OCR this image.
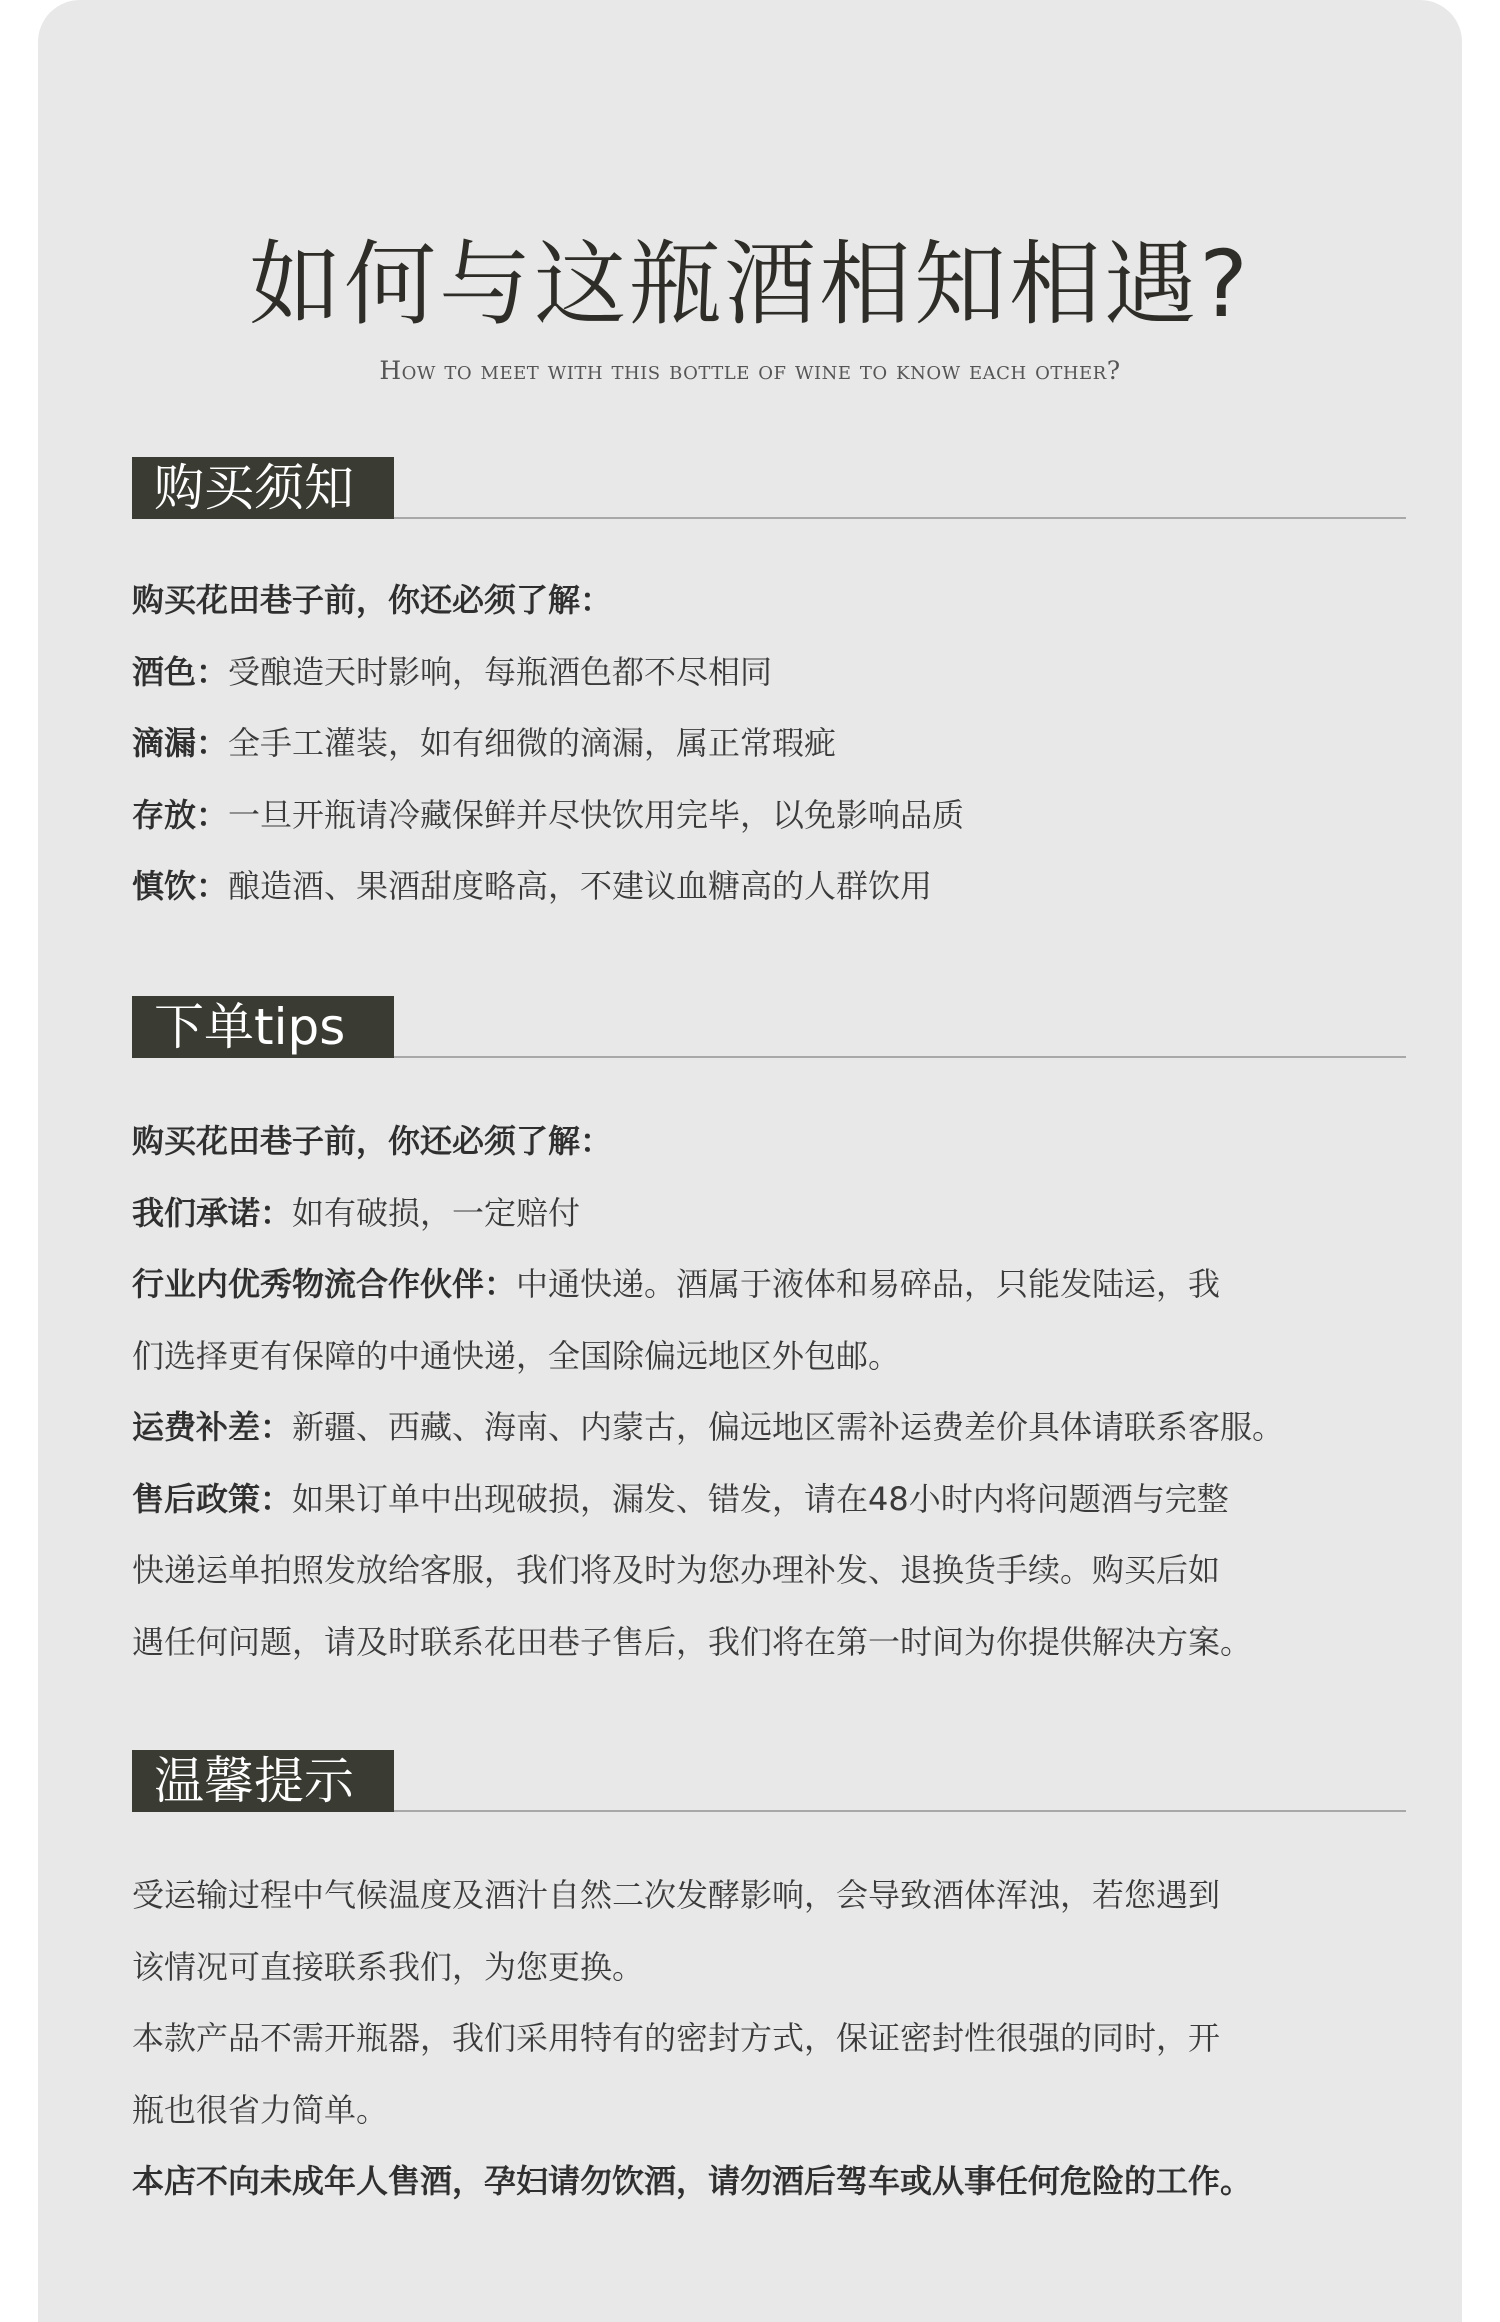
如何与这瓶酒相知相遇?
How to meet with this bottle of wine to know each other?
购买须知

购买花田巷子前，你还必须了解：

酒色：受酿造天时影响，每瓶酒色都不尽相同

滴漏：全手工灌装，如有细微的滴漏，属正常瑕疵

存放：一旦开瓶请冷藏保鲜并尽快饮用完毕，以免影响品质

慎饮：酿造酒、果酒甜度略高，不建议血糖高的人群饮用

下单tips

购买花田巷子前，你还必须了解：

我们承诺：如有破损，一定赔付

行业内优秀物流合作伙伴：中通快递。酒属于液体和易碎品，只能发陆运，我

们选择更有保障的中通快递，全国除偏远地区外包邮。

运费补差：新疆、西藏、海南、内蒙古，偏远地区需补运费差价具体请联系客服。

售后政策：如果订单中出现破损，漏发、错发，请在48小时内将问题酒与完整

快递运单拍照发放给客服，我们将及时为您办理补发、退换货手续。购买后如

遇任何问题，请及时联系花田巷子售后，我们将在第一时间为你提供解决方案。

温馨提示

受运输过程中气候温度及酒汁自然二次发酵影响，会导致酒体浑浊，若您遇到

该情况可直接联系我们，为您更换。

本款产品不需开瓶器，我们采用特有的密封方式，保证密封性很强的同时，开

瓶也很省力简单。

本店不向未成年人售酒，孕妇请勿饮酒，请勿酒后驾车或从事任何危险的工作。
